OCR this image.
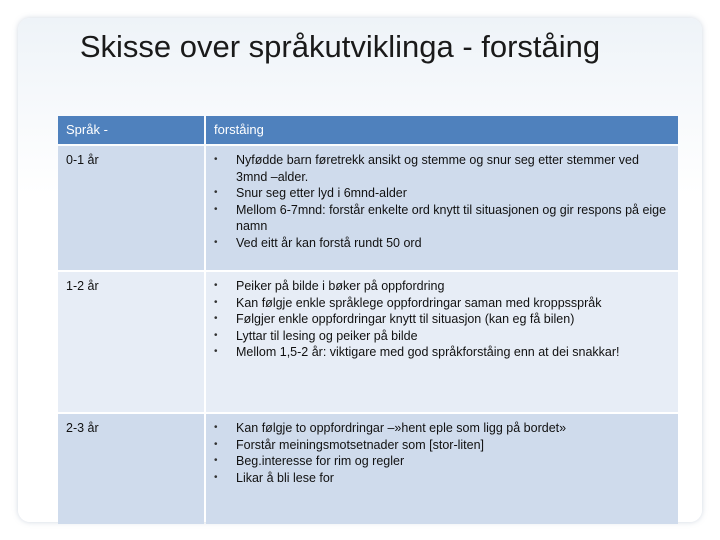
Skisse over språkutviklinga - forståing
Språk -	forståing
0-1 år	• Nyfødde barn føretrekk ansikt og stemme og snur seg etter stemmer ved 3mnd –alder.
• Snur seg etter lyd i 6mnd-alder
• Mellom 6-7mnd: forstår enkelte ord knytt til situasjonen og gir respons på eige namn
• Ved eitt år kan forstå rundt 50 ord
1-2 år	• Peiker på bilde i bøker på oppfordring
• Kan følgje enkle språklege oppfordringar saman med kroppsspråk
• Følgjer enkle oppfordringar knytt til situasjon (kan eg få bilen)
• Lyttar til lesing og peiker på bilde
• Mellom 1,5-2 år: viktigare med god språkforståing enn at dei snakkar!
2-3 år	• Kan følgje to oppfordringar –»hent eple som ligg på bordet»
• Forstår meiningsmotsetnader som [stor-liten]
• Beg.interesse for rim og regler
• Likar å bli lese for
